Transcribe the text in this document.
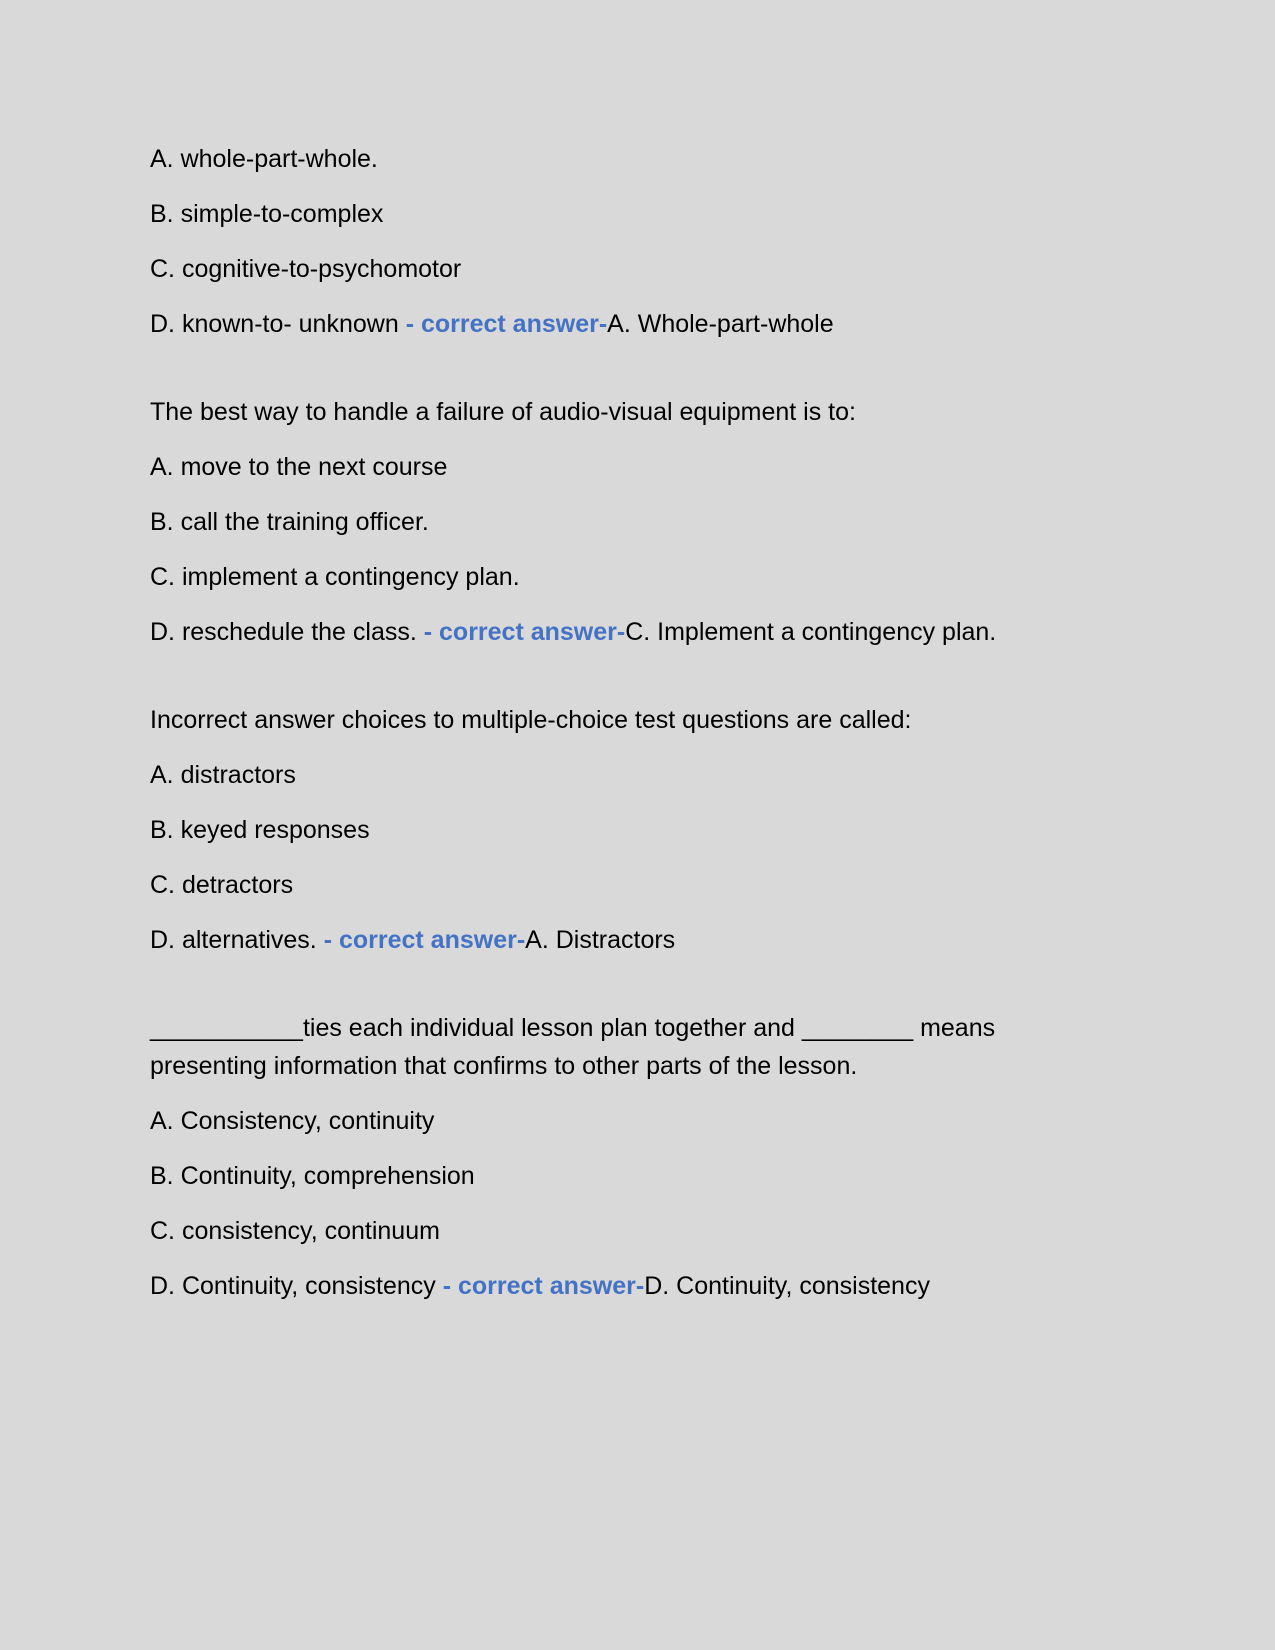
A. whole-part-whole.
B. simple-to-complex
C. cognitive-to-psychomotor
D. known-to- unknown - correct answer-A. Whole-part-whole
The best way to handle a failure of audio-visual equipment is to:
A. move to the next course
B. call the training officer.
C. implement a contingency plan.
D. reschedule the class. - correct answer-C. Implement a contingency plan.
Incorrect answer choices to multiple-choice test questions are called:
A. distractors
B. keyed responses
C. detractors
D. alternatives. - correct answer-A. Distractors
___________ties each individual lesson plan together and ________ means presenting information that confirms to other parts of the lesson.
A. Consistency, continuity
B. Continuity, comprehension
C. consistency, continuum
D. Continuity, consistency - correct answer-D. Continuity, consistency
